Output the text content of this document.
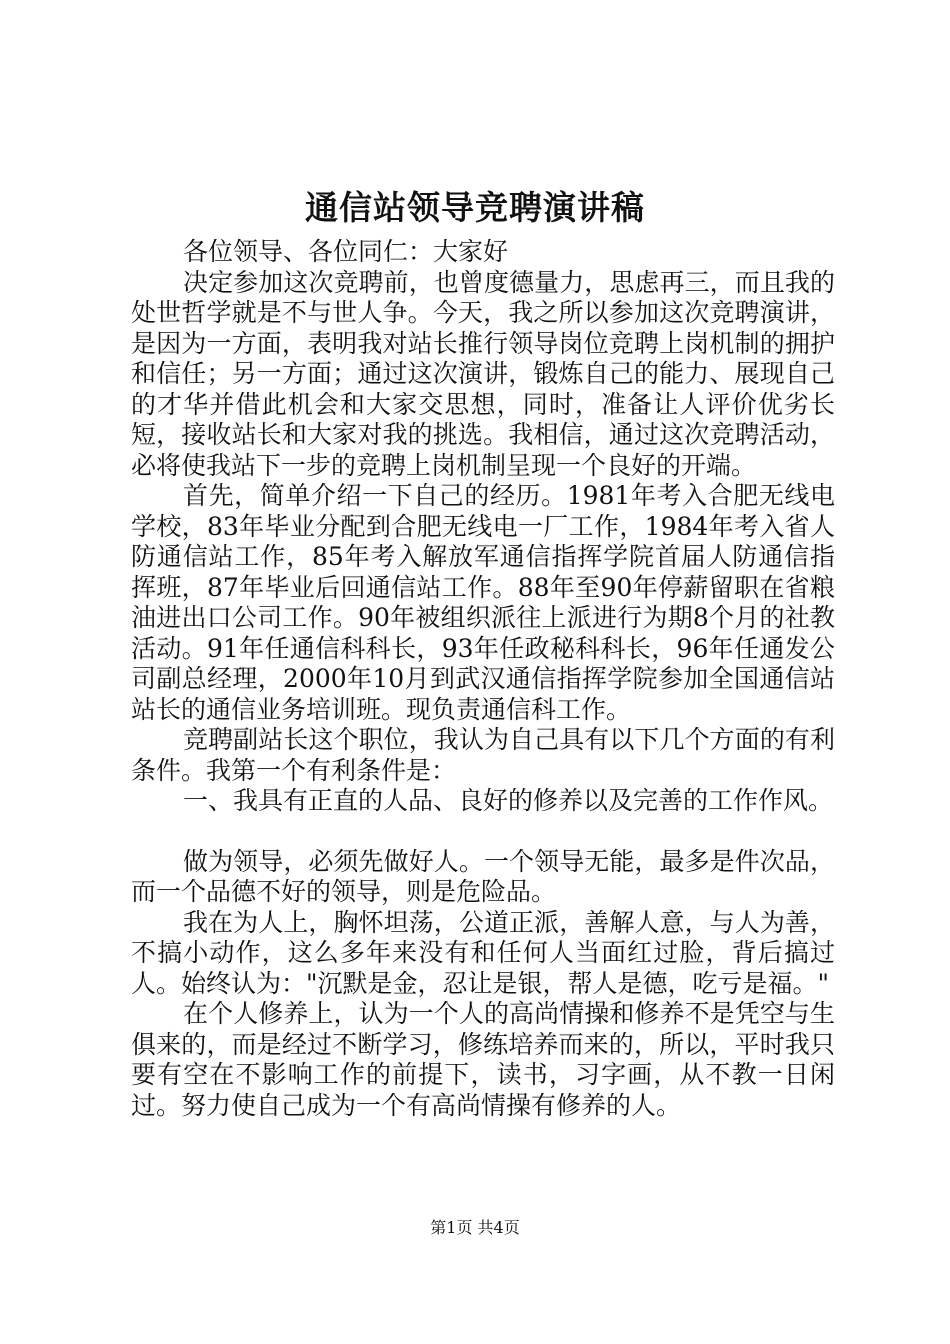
通信站领导竞聘演讲稿

各位领导、各位同仁：大家好

决定参加这次竞聘前，也曾度德量力，思虑再三，而且我的处世哲学就是不与世人争。今天，我之所以参加这次竞聘演讲，是因为一方面，表明我对站长推行领导岗位竞聘上岗机制的拥护和信任；另一方面；通过这次演讲，锻炼自己的能力、展现自己的才华并借此机会和大家交思想，同时，准备让人评价优劣长短，接收站长和大家对我的挑选。我相信，通过这次竞聘活动，必将使我站下一步的竞聘上岗机制呈现一个良好的开端。

首先，简单介绍一下自己的经历。1981年考入合肥无线电学校，83年毕业分配到合肥无线电一厂工作，1984年考入省人防通信站工作，85年考入解放军通信指挥学院首届人防通信指挥班，87年毕业后回通信站工作。88年至90年停薪留职在省粮油进出口公司工作。90年被组织派往上派进行为期8个月的社教活动。91年任通信科科长，93年任政秘科科长，96年任通发公司副总经理，2000年10月到武汉通信指挥学院参加全国通信站站长的通信业务培训班。现负责通信科工作。

竞聘副站长这个职位，我认为自己具有以下几个方面的有利条件。我第一个有利条件是：

一、我具有正直的人品、良好的修养以及完善的工作作风。

做为领导，必须先做好人。一个领导无能，最多是件次品，而一个品德不好的领导，则是危险品。

我在为人上，胸怀坦荡，公道正派，善解人意，与人为善，不搞小动作，这么多年来没有和任何人当面红过脸，背后搞过人。始终认为："沉默是金，忍让是银，帮人是德，吃亏是福。"

在个人修养上，认为一个人的高尚情操和修养不是凭空与生俱来的，而是经过不断学习，修练培养而来的，所以，平时我只要有空在不影响工作的前提下，读书，习字画，从不教一日闲过。努力使自己成为一个有高尚情操有修养的人。

第1页 共4页
